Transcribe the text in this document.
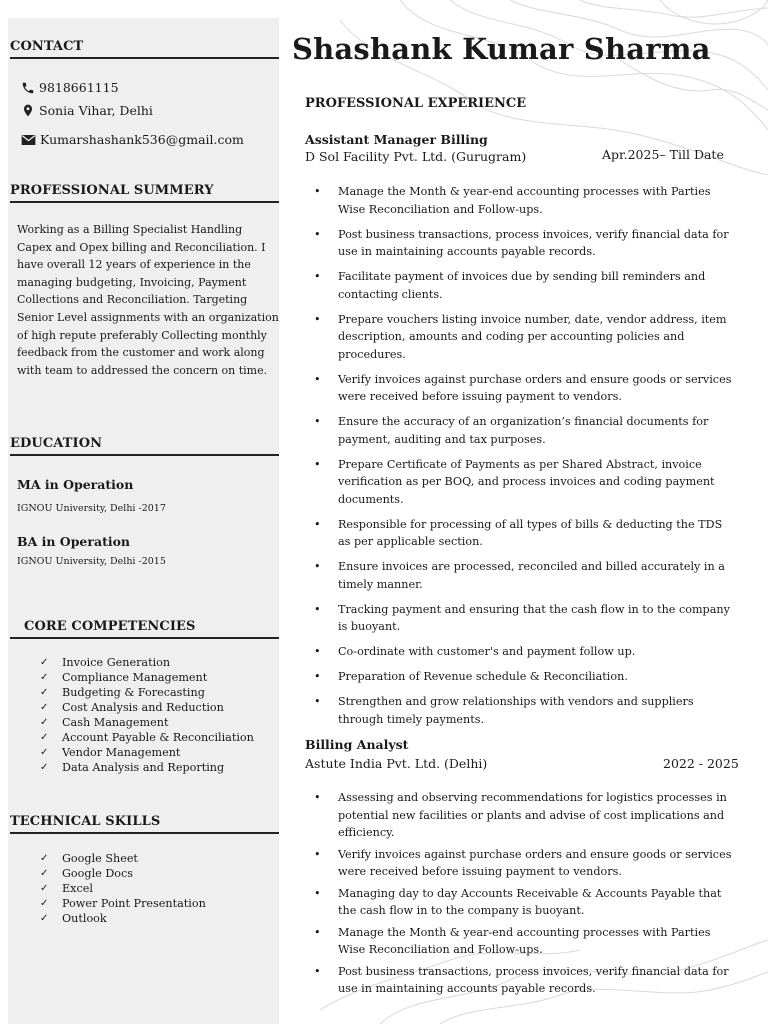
CONTACT
9818661115
Sonia Vihar, Delhi
Kumarshashank536@gmail.com
PROFESSIONAL SUMMERY
Working as a Billing Specialist Handling Capex and Opex billing and Reconciliation. I have overall 12 years of experience in the managing budgeting, Invoicing, Payment Collections and Reconciliation. Targeting Senior Level assignments with an organization of high repute preferably Collecting monthly feedback from the customer and work along with team to addressed the concern on time.
EDUCATION
MA in Operation
IGNOU University, Delhi -2017
BA in Operation
IGNOU University, Delhi -2015
CORE COMPETENCIES
✓	Invoice Generation
✓	Compliance Management
✓	Budgeting & Forecasting
✓	Cost Analysis and Reduction
✓	Cash Management
✓	Account Payable & Reconciliation
✓	Vendor Management
✓	Data Analysis and Reporting
TECHNICAL SKILLS
✓	Google Sheet
✓	Google Docs
✓	Excel
✓	Power Point Presentation
✓	Outlook
Shashank Kumar Sharma
PROFESSIONAL EXPERIENCE
Assistant Manager Billing
D Sol Facility Pvt. Ltd. (Gurugram)	Apr.2025– Till Date
• Manage the Month & year-end accounting processes with Parties Wise Reconciliation and Follow-ups.
• Post business transactions, process invoices, verify financial data for use in maintaining accounts payable records.
• Facilitate payment of invoices due by sending bill reminders and contacting clients.
• Prepare vouchers listing invoice number, date, vendor address, item description, amounts and coding per accounting policies and procedures.
• Verify invoices against purchase orders and ensure goods or services were received before issuing payment to vendors.
• Ensure the accuracy of an organization’s financial documents for payment, auditing and tax purposes.
• Prepare Certificate of Payments as per Shared Abstract, invoice verification as per BOQ, and process invoices and coding payment documents.
• Responsible for processing of all types of bills & deducting the TDS as per applicable section.
• Ensure invoices are processed, reconciled and billed accurately in a timely manner.
• Tracking payment and ensuring that the cash flow in to the company is buoyant.
• Co-ordinate with customer's and payment follow up.
• Preparation of Revenue schedule & Reconciliation.
• Strengthen and grow relationships with vendors and suppliers through timely payments.
Billing Analyst
Astute India Pvt. Ltd. (Delhi)	2022 - 2025
• Assessing and observing recommendations for logistics processes in potential new facilities or plants and advise of cost implications and efficiency.
• Verify invoices against purchase orders and ensure goods or services were received before issuing payment to vendors.
• Managing day to day Accounts Receivable & Accounts Payable that the cash flow in to the company is buoyant.
• Manage the Month & year-end accounting processes with Parties Wise Reconciliation and Follow-ups.
• Post business transactions, process invoices, verify financial data for use in maintaining accounts payable records.
